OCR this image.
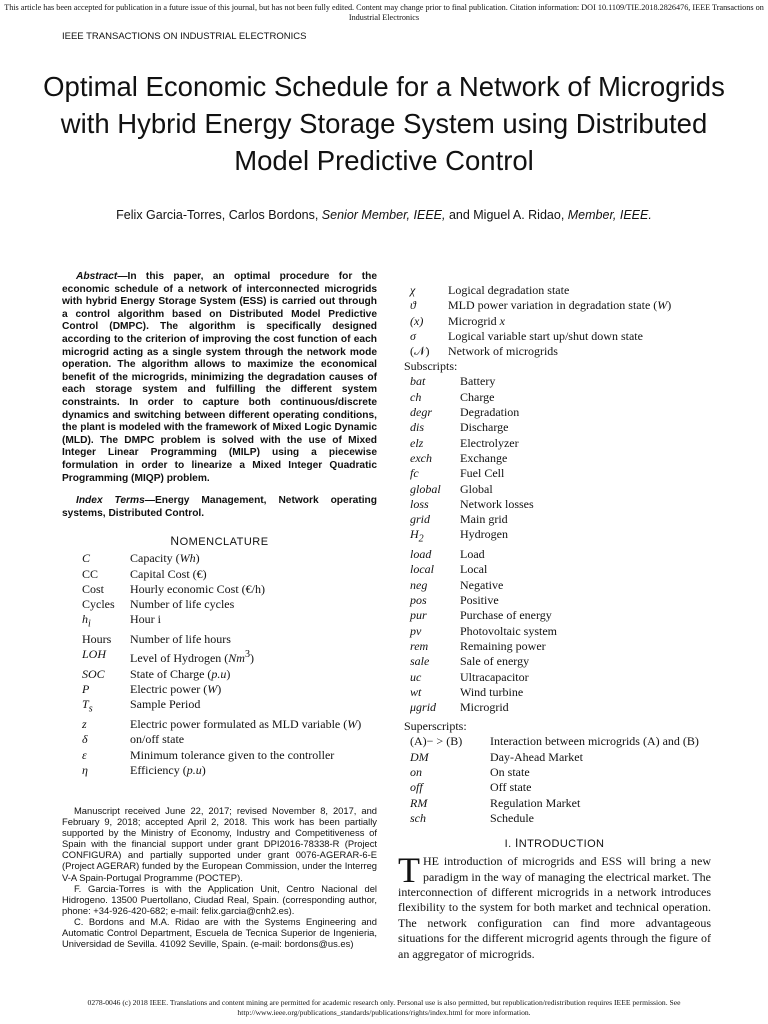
This article has been accepted for publication in a future issue of this journal, but has not been fully edited. Content may change prior to final publication. Citation information: DOI 10.1109/TIE.2018.2826476, IEEE Transactions on Industrial Electronics
IEEE TRANSACTIONS ON INDUSTRIAL ELECTRONICS
Optimal Economic Schedule for a Network of Microgrids with Hybrid Energy Storage System using Distributed Model Predictive Control
Felix Garcia-Torres, Carlos Bordons, Senior Member, IEEE, and Miguel A. Ridao, Member, IEEE.

Abstract—In this paper, an optimal procedure for the economic schedule of a network of interconnected microgrids with hybrid Energy Storage System (ESS) is carried out through a control algorithm based on Distributed Model Predictive Control (DMPC). The algorithm is specifically designed according to the criterion of improving the cost function of each microgrid acting as a single system through the network mode operation. The algorithm allows to maximize the economical benefit of the microgrids, minimizing the degradation causes of each storage system and fulfilling the different system constraints. In order to capture both continuous/discrete dynamics and switching between different operating conditions, the plant is modeled with the framework of Mixed Logic Dynamic (MLD). The DMPC problem is solved with the use of Mixed Integer Linear Programming (MILP) using a piecewise formulation in order to linearize a Mixed Integer Quadratic Programming (MIQP) problem.

Index Terms—Energy Management, Network operating systems, Distributed Control.

NOMENCLATURE
C	Capacity (Wh)
CC	Capital Cost (€)
Cost	Hourly economic Cost (€/h)
Cycles	Number of life cycles
$h_i$	Hour i
Hours	Number of life hours
LOH	Level of Hydrogen (Nm$^3$)
SOC	State of Charge (p.u)
P	Electric power (W)
$T_s$	Sample Period
z	Electric power formulated as MLD variable (W)
δ	on/off state
ε	Minimum tolerance given to the controller
η	Efficiency (p.u)

Manuscript received June 22, 2017; revised November 8, 2017, and February 9, 2018; accepted April 2, 2018. This work has been partially supported by the Ministry of Economy, Industry and Competitiveness of Spain with the financial support under grant DPI2016-78338-R (Project CONFIGURA) and partially supported under grant 0076-AGERAR-6-E (Project AGERAR) funded by the European Commission, under the Interreg V-A Spain-Portugal Programme (POCTEP).

F. Garcia-Torres is with the Application Unit, Centro Nacional del Hidrogeno. 13500 Puertollano, Ciudad Real, Spain. (corresponding author, phone: +34-926-420-682; e-mail: felix.garcia@cnh2.es).

C. Bordons and M.A. Ridao are with the Systems Engineering and Automatic Control Department, Escuela de Tecnica Superior de Ingenieria, Universidad de Sevilla. 41092 Seville, Spain. (e-mail: bordons@us.es)

χ	Logical degradation state
ϑ	MLD power variation in degradation state (W)
(x)	Microgrid x
σ	Logical variable start up/shut down state
(𝒩)	Network of microgrids
Subscripts:
bat	Battery
ch	Charge
degr	Degradation
dis	Discharge
elz	Electrolyzer
exch	Exchange
fc	Fuel Cell
global	Global
loss	Network losses
grid	Main grid
$H_2$	Hydrogen
load	Load
local	Local
neg	Negative
pos	Positive
pur	Purchase of energy
pv	Photovoltaic system
rem	Remaining power
sale	Sale of energy
uc	Ultracapacitor
wt	Wind turbine
μgrid	Microgrid
Superscripts:
(A)− > (B)	Interaction between microgrids (A) and (B)
DM	Day-Ahead Market
on	On state
off	Off state
RM	Regulation Market
sch	Schedule
I. INTRODUCTION

THE introduction of microgrids and ESS will bring a new paradigm in the way of managing the electrical market. The interconnection of different microgrids in a network introduces flexibility to the system for both market and technical operation. The network configuration can find more advantageous situations for the different microgrid agents through the figure of an aggregator of microgrids.

0278-0046 (c) 2018 IEEE. Translations and content mining are permitted for academic research only. Personal use is also permitted, but republication/redistribution requires IEEE permission. See http://www.ieee.org/publications_standards/publications/rights/index.html for more information.
